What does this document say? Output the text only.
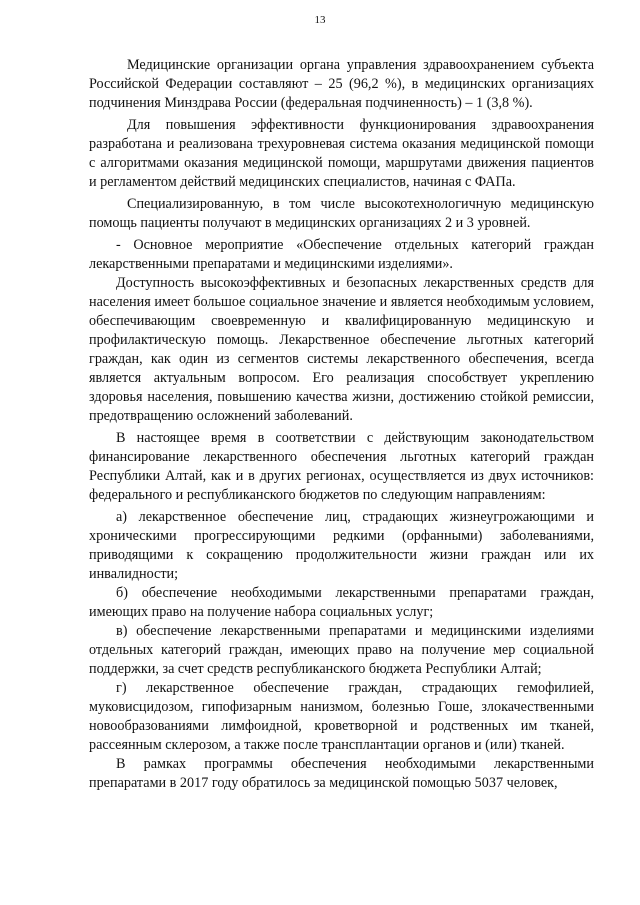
13

Медицинские организации органа управления здравоохранением субъекта Российской Федерации составляют – 25 (96,2 %), в медицинских организациях подчинения Минздрава России (федеральная подчиненность) – 1 (3,8 %).

Для повышения эффективности функционирования здравоохранения разработана и реализована трехуровневая система оказания медицинской помощи с алгоритмами оказания медицинской помощи, маршрутами движения пациентов и регламентом действий медицинских специалистов, начиная с ФАПа.

Специализированную, в том числе высокотехнологичную медицинскую помощь пациенты получают в медицинских организациях 2 и 3 уровней.

- Основное мероприятие «Обеспечение отдельных категорий граждан лекарственными препаратами и медицинскими изделиями».

Доступность высокоэффективных и безопасных лекарственных средств для населения имеет большое социальное значение и является необходимым условием, обеспечивающим своевременную и квалифицированную медицинскую и профилактическую помощь. Лекарственное обеспечение льготных категорий граждан, как один из сегментов системы лекарственного обеспечения, всегда является актуальным вопросом. Его реализация способствует укреплению здоровья населения, повышению качества жизни, достижению стойкой ремиссии, предотвращению осложнений заболеваний.

В настоящее время в соответствии с действующим законодательством финансирование лекарственного обеспечения льготных категорий граждан Республики Алтай, как и в других регионах, осуществляется из двух источников: федерального и республиканского бюджетов по следующим направлениям:

а) лекарственное обеспечение лиц, страдающих жизнеугрожающими и хроническими прогрессирующими редкими (орфанными) заболеваниями, приводящими к сокращению продолжительности жизни граждан или их инвалидности;

б) обеспечение необходимыми лекарственными препаратами граждан, имеющих право на получение набора социальных услуг;

в) обеспечение лекарственными препаратами и медицинскими изделиями отдельных категорий граждан, имеющих право на получение мер социальной поддержки, за счет средств республиканского бюджета Республики Алтай;

г) лекарственное обеспечение граждан, страдающих гемофилией, муковисцидозом, гипофизарным нанизмом, болезнью Гоше, злокачественными новообразованиями лимфоидной, кроветворной и родственных им тканей, рассеянным склерозом, а также после трансплантации органов и (или) тканей.

В рамках программы обеспечения необходимыми лекарственными препаратами в 2017 году обратилось за медицинской помощью 5037 человек,
